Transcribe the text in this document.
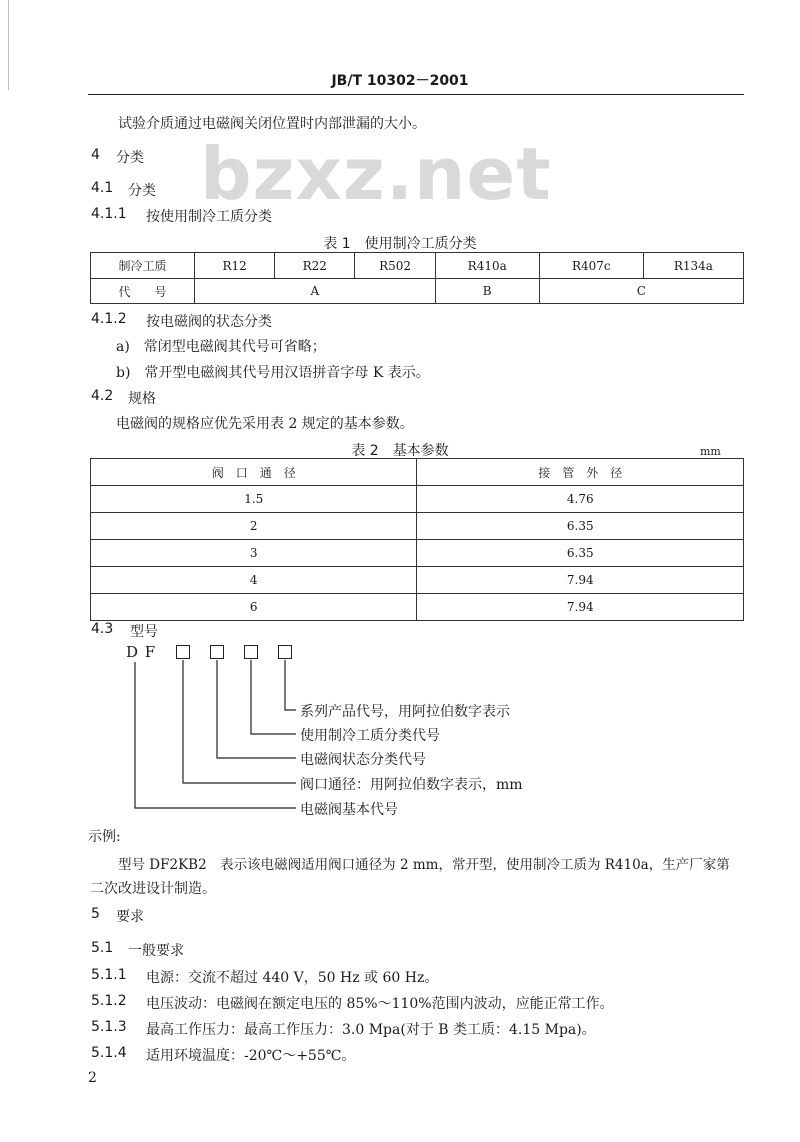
JB/T 10302－2001
bzxz.net
试验介质通过电磁阀关闭位置时内部泄漏的大小。
4 分类
4.1 分类
4.1.1 按使用制冷工质分类
表 1　使用制冷工质分类
制冷工质	R12	R22	R502	R410a	R407c	R134a
代　　号	A			B	C	
4.1.2 按电磁阀的状态分类
a)　常闭型电磁阀其代号可省略；
b)　常开型电磁阀其代号用汉语拼音字母 K 表示。
4.2 规格
电磁阀的规格应优先采用表 2 规定的基本参数。
表 2　基本参数	mm
阀　口　通　径	接　管　外　径
1.5	4.76
2	6.35
3	6.35
4	7.94
6	7.94
4.3 型号
D F
系列产品代号，用阿拉伯数字表示
使用制冷工质分类代号
电磁阀状态分类代号
阀口通径：用阿拉伯数字表示，mm
电磁阀基本代号
示例:
型号 DF2KB2　表示该电磁阀适用阀口通径为 2 mm，常开型，使用制冷工质为 R410a，生产厂家第
二次改进设计制造。
5 要求
5.1 一般要求
5.1.1 电源：交流不超过 440 V，50 Hz 或 60 Hz。
5.1.2 电压波动：电磁阀在额定电压的 85%～110%范围内波动，应能正常工作。
5.1.3 最高工作压力：最高工作压力：3.0 Mpa(对于 B 类工质：4.15 Mpa)。
5.1.4 适用环境温度：-20℃～+55℃。
2
